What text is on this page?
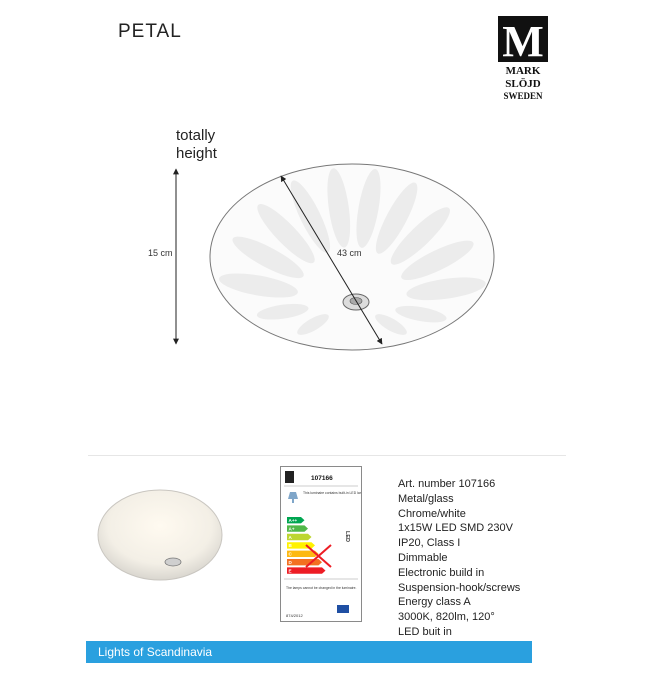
PETAL	M
MARK
SLÖJD
SWEDEN
totally
height
15 cm	43 cm
107166
This luminaire contains built-in LED lamps.
A++
A+
A
B
C
D
E
LED
The lamps cannot be changed in the luminaire.
874/2012
Art. number 107166
Metal/glass
Chrome/white
1x15W LED SMD 230V
IP20, Class I
Dimmable
Electronic build in
Suspension-hook/screws
Energy class A
3000K, 820lm, 120°
LED buit in
Lights of Scandinavia
